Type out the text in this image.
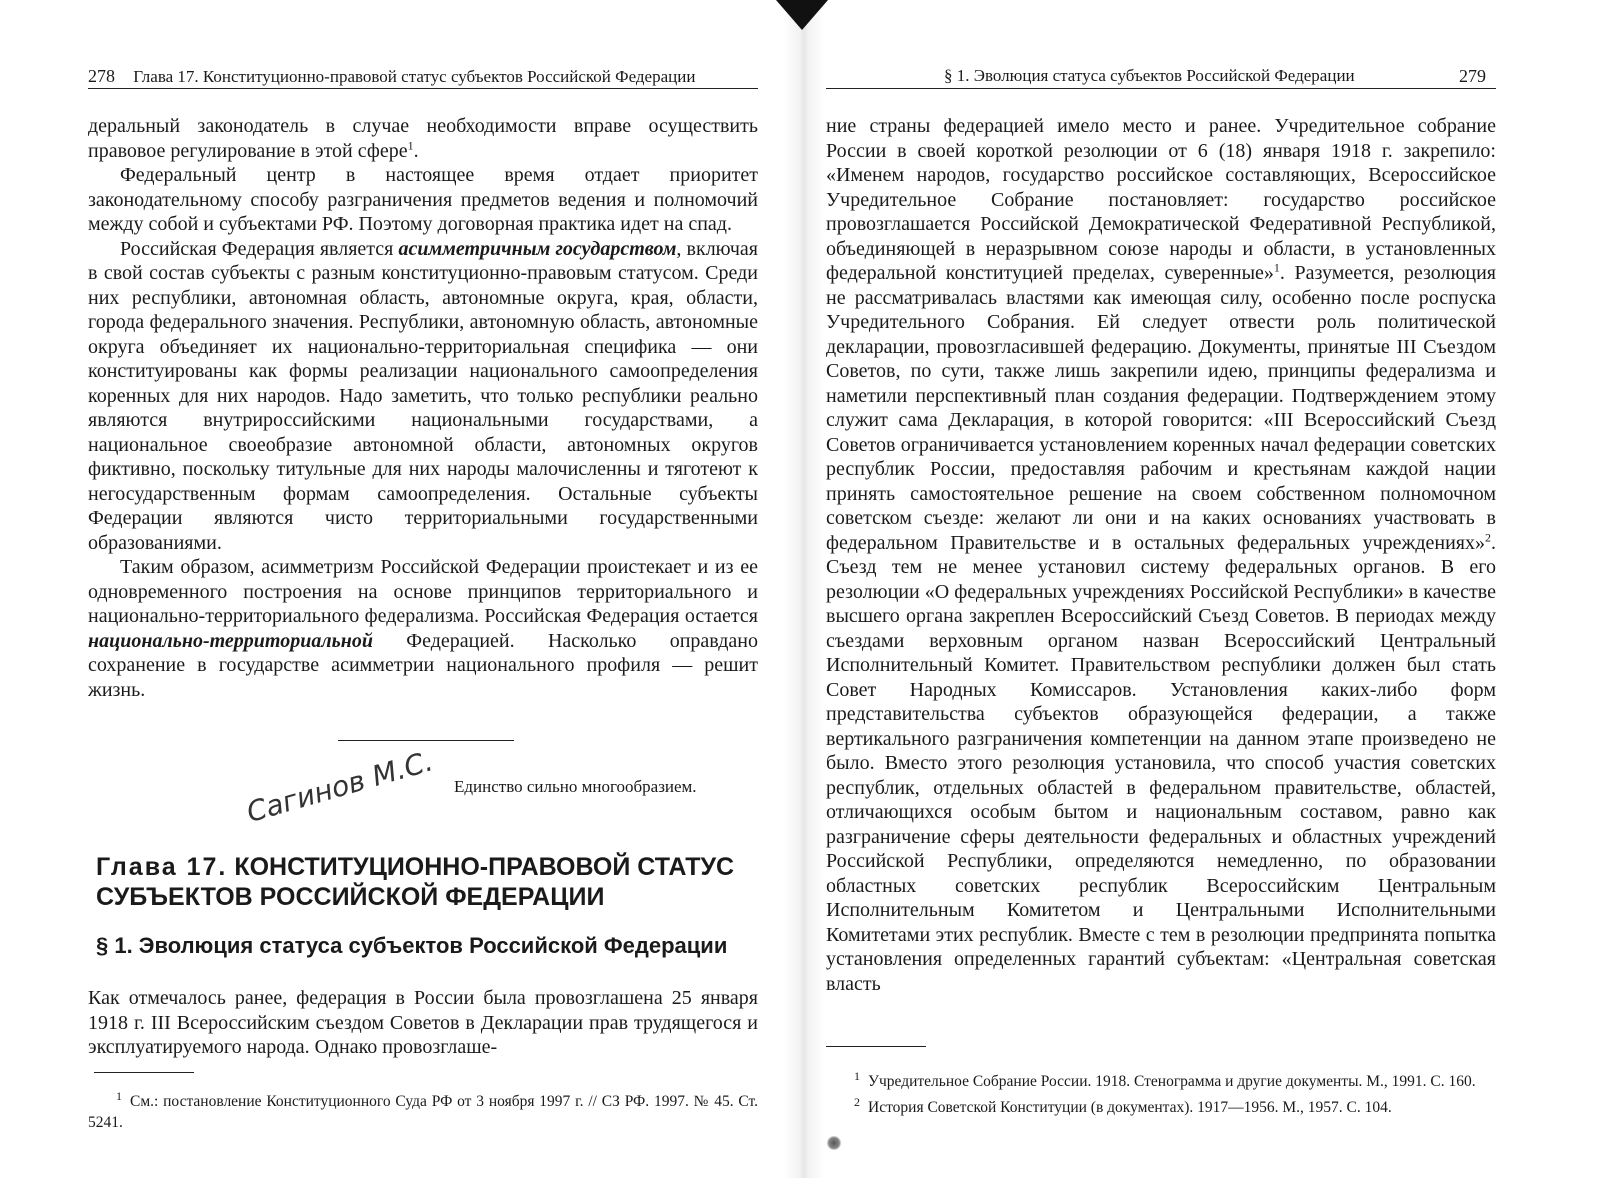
278 Глава 17. Конституционно-правовой статус субъектов Российской Федерации

деральный законодатель в случае необходимости вправе осуществить правовое регулирование в этой сфере$^1$.

Федеральный центр в настоящее время отдает приоритет законодательному способу разграничения предметов ведения и полномочий между собой и субъектами РФ. Поэтому договорная практика идет на спад.

Российская Федерация является асимметричным государством, включая в свой состав субъекты с разным конституционно-правовым статусом. Среди них республики, автономная область, автономные округа, края, области, города федерального значения. Республики, автономную область, автономные округа объединяет их национально-территориальная специфика — они конституированы как формы реализации национального самоопределения коренных для них народов. Надо заметить, что только республики реально являются внутрироссийскими национальными государствами, а национальное своеобразие автономной области, автономных округов фиктивно, поскольку титульные для них народы малочисленны и тяготеют к негосударственным формам самоопределения. Остальные субъекты Федерации являются чисто территориальными государственными образованиями.

Таким образом, асимметризм Российской Федерации проистекает и из ее одновременного построения на основе принципов территориального и национально-территориального федерализма. Российская Федерация остается национально-территориальной Федерацией. Насколько оправдано сохранение в государстве асимметрии национального профиля — решит жизнь.

Сагинов М.С. Единство сильно многообразием.
Глава 17. КОНСТИТУЦИОННО-ПРАВОВОЙ СТАТУС СУБЪЕКТОВ РОССИЙСКОЙ ФЕДЕРАЦИИ
§ 1. Эволюция статуса субъектов Российской Федерации

Как отмечалось ранее, федерация в России была провозглашена 25 января 1918 г. III Всероссийским съездом Советов в Декларации прав трудящегося и эксплуатируемого народа. Однако провозглаше-

$^1$ См.: постановление Конституционного Суда РФ от 3 ноября 1997 г. // СЗ РФ. 1997. № 45. Ст. 5241.

§ 1. Эволюция статуса субъектов Российской Федерации	279

ние страны федерацией имело место и ранее. Учредительное собрание России в своей короткой резолюции от 6 (18) января 1918 г. закрепило: «Именем народов, государство российское составляющих, Всероссийское Учредительное Собрание постановляет: государство российское провозглашается Российской Демократической Федеративной Республикой, объединяющей в неразрывном союзе народы и области, в установленных федеральной конституцией пределах, суверенные»$^1$. Разумеется, резолюция не рассматривалась властями как имеющая силу, особенно после роспуска Учредительного Собрания. Ей следует отвести роль политической декларации, провозгласившей федерацию. Документы, принятые III Съездом Советов, по сути, также лишь закрепили идею, принципы федерализма и наметили перспективный план создания федерации. Подтверждением этому служит сама Декларация, в которой говорится: «III Всероссийский Съезд Советов ограничивается установлением коренных начал федерации советских республик России, предоставляя рабочим и крестьянам каждой нации принять самостоятельное решение на своем собственном полномочном советском съезде: желают ли они и на каких основаниях участвовать в федеральном Правительстве и в остальных федеральных учреждениях»$^2$. Съезд тем не менее установил систему федеральных органов. В его резолюции «О федеральных учреждениях Российской Республики» в качестве высшего органа закреплен Всероссийский Съезд Советов. В периодах между съездами верховным органом назван Всероссийский Центральный Исполнительный Комитет. Правительством республики должен был стать Совет Народных Комиссаров. Установления каких-либо форм представительства субъектов образующейся федерации, а также вертикального разграничения компетенции на данном этапе произведено не было. Вместо этого резолюция установила, что способ участия советских республик, отдельных областей в федеральном правительстве, областей, отличающихся особым бытом и национальным составом, равно как разграничение сферы деятельности федеральных и областных учреждений Российской Республики, определяются немедленно, по образовании областных советских республик Всероссийским Центральным Исполнительным Комитетом и Центральными Исполнительными Комитетами этих республик. Вместе с тем в резолюции предпринята попытка установления определенных гарантий субъектам: «Центральная советская власть

$^1$ Учредительное Собрание России. 1918. Стенограмма и другие документы. М., 1991. С. 160.

$^2$ История Советской Конституции (в документах). 1917—1956. М., 1957. С. 104.
